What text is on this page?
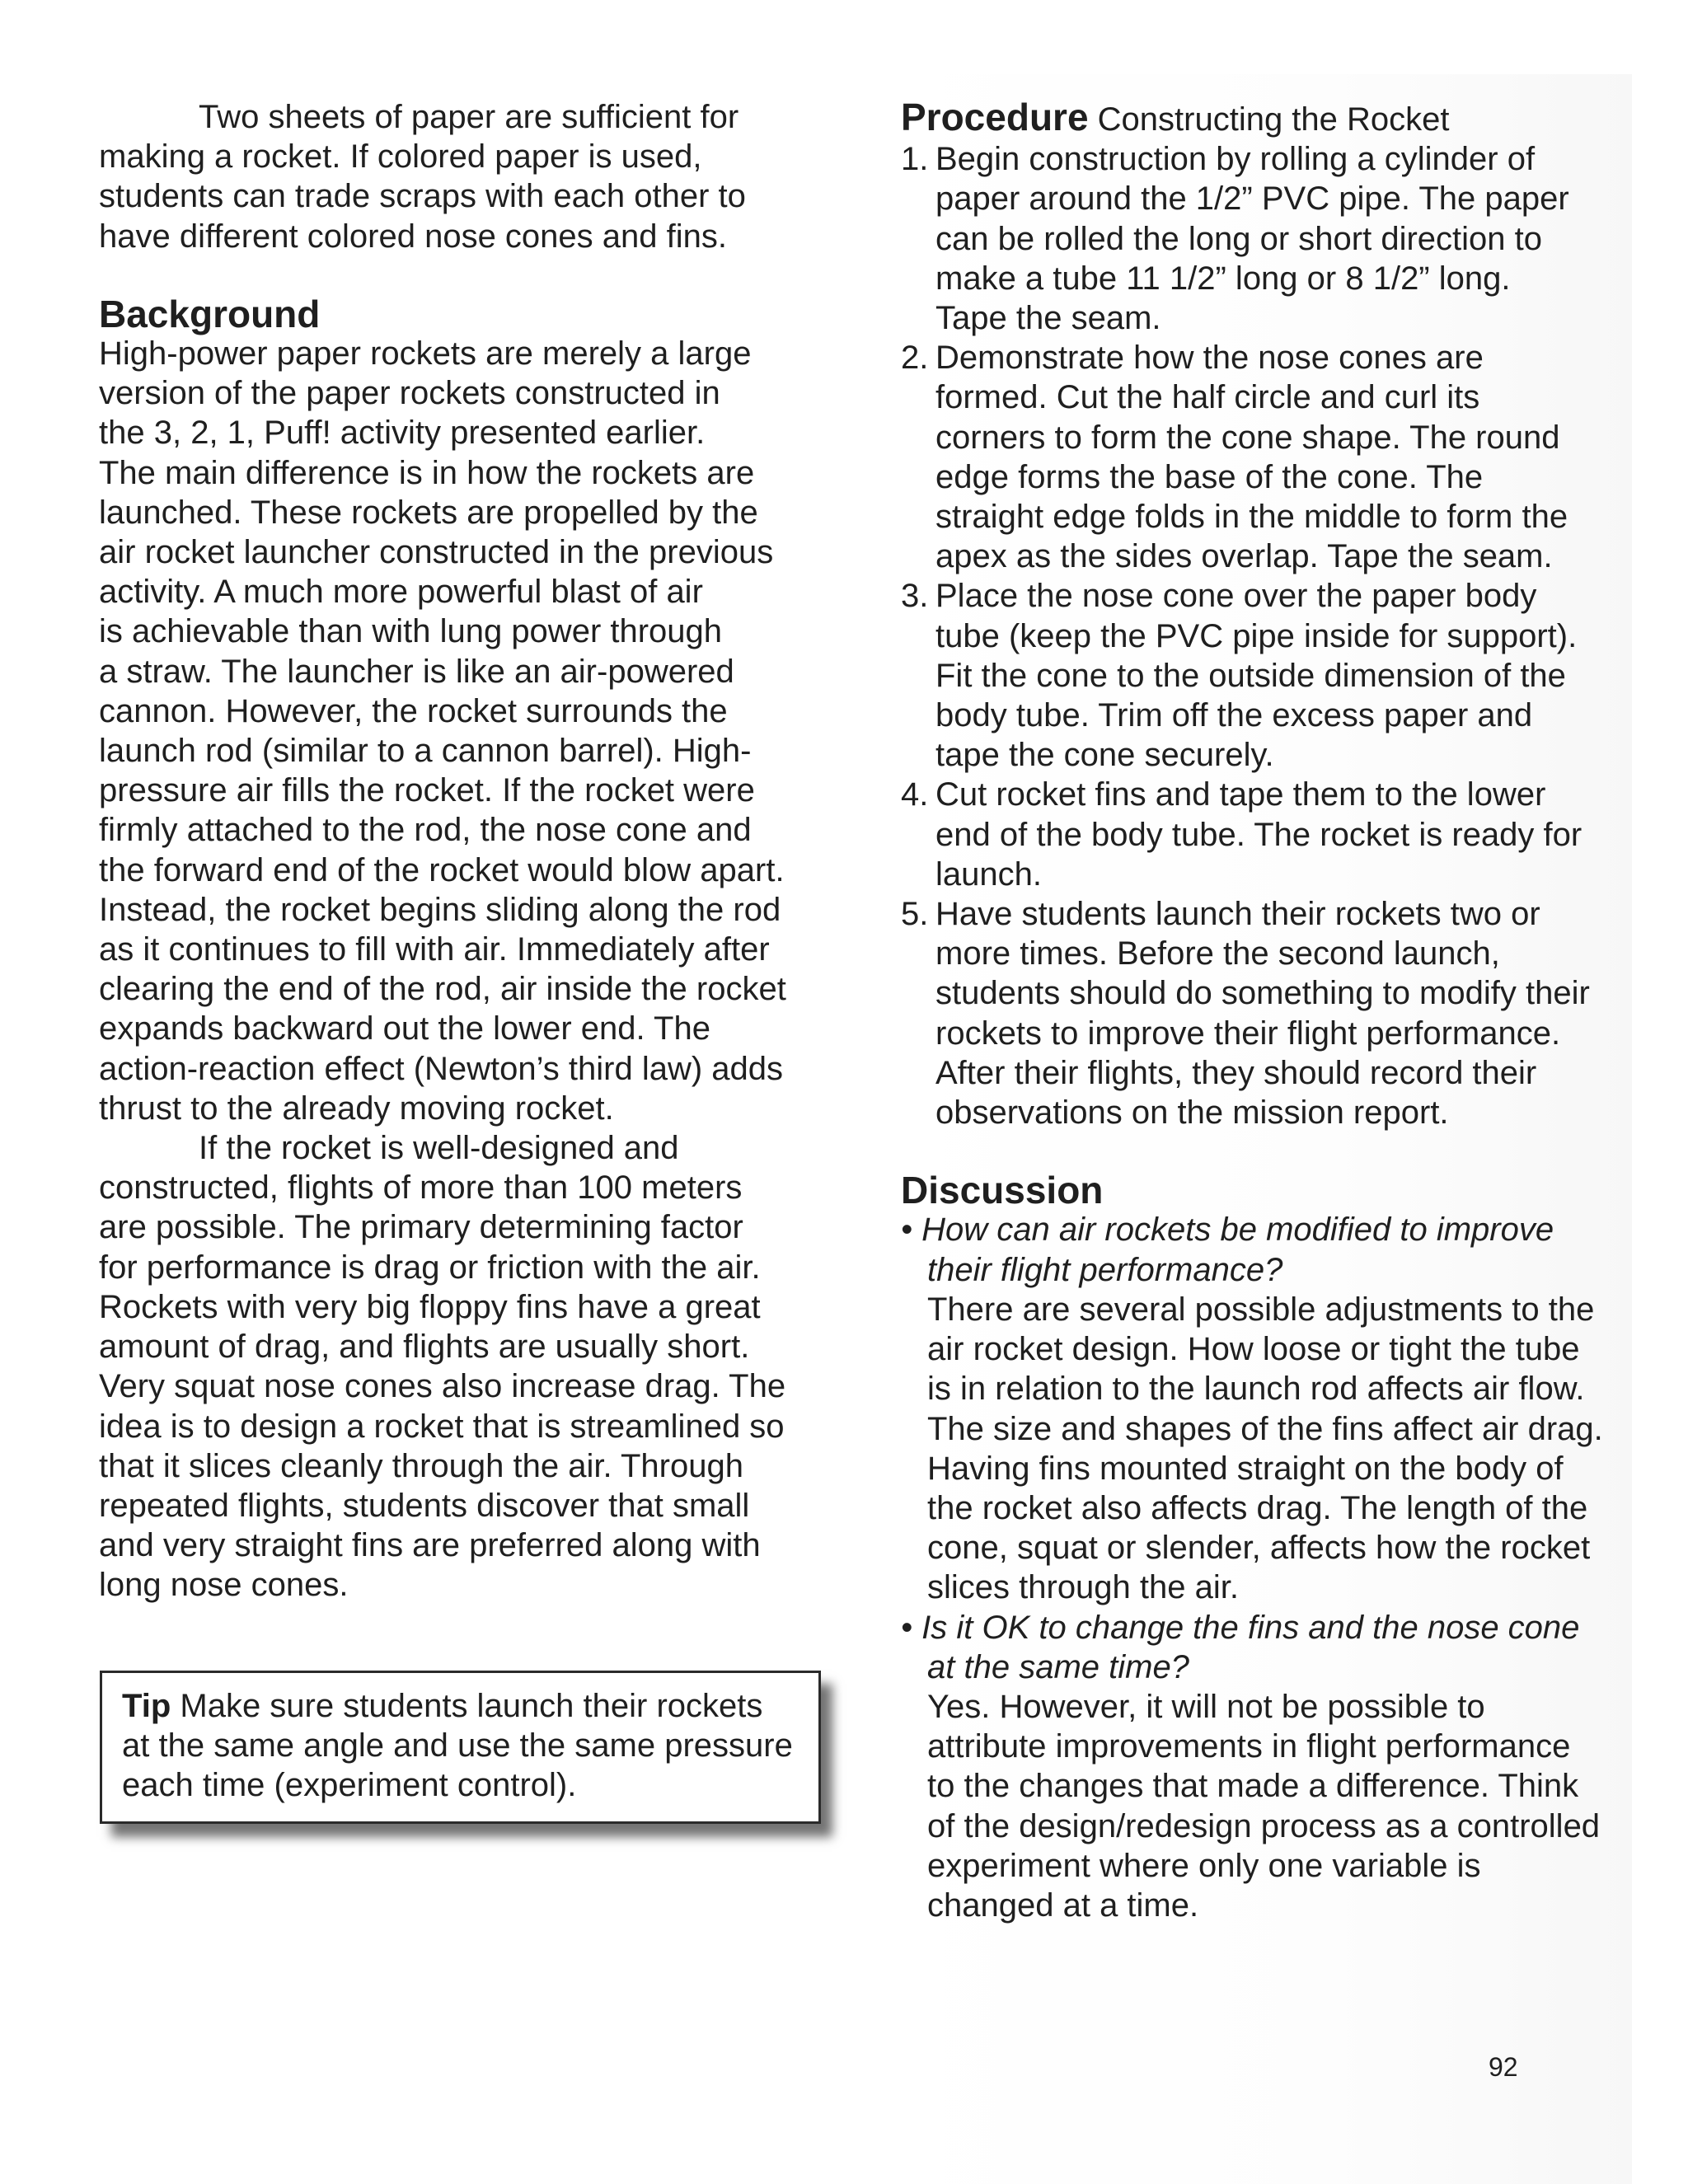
Two sheets of paper are sufficient for
making a rocket. If colored paper is used,
students can trade scraps with each other to
have different colored nose cones and fins.
Background
High-power paper rockets are merely a large
version of the paper rockets constructed in
the 3, 2, 1, Puff! activity presented earlier.
The main difference is in how the rockets are
launched. These rockets are propelled by the
air rocket launcher constructed in the previous
activity. A much more powerful blast of air
is achievable than with lung power through
a straw. The launcher is like an air-powered
cannon. However, the rocket surrounds the
launch rod (similar to a cannon barrel). High-
pressure air fills the rocket. If the rocket were
firmly attached to the rod, the nose cone and
the forward end of the rocket would blow apart.
Instead, the rocket begins sliding along the rod
as it continues to fill with air. Immediately after
clearing the end of the rod, air inside the rocket
expands backward out the lower end. The
action-reaction effect (Newton’s third law) adds
thrust to the already moving rocket.
If the rocket is well-designed and
constructed, flights of more than 100 meters
are possible. The primary determining factor
for performance is drag or friction with the air.
Rockets with very big floppy fins have a great
amount of drag, and flights are usually short.
Very squat nose cones also increase drag. The
idea is to design a rocket that is streamlined so
that it slices cleanly through the air. Through
repeated flights, students discover that small
and very straight fins are preferred along with
long nose cones.
Tip Make sure students launch their rockets
at the same angle and use the same pressure
each time (experiment control).
Procedure Constructing the Rocket
1. Begin construction by rolling a cylinder of
paper around the 1/2” PVC pipe. The paper
can be rolled the long or short direction to
make a tube 11 1/2” long or 8 1/2” long.
Tape the seam.
2. Demonstrate how the nose cones are
formed. Cut the half circle and curl its
corners to form the cone shape. The round
edge forms the base of the cone. The
straight edge folds in the middle to form the
apex as the sides overlap. Tape the seam.
3. Place the nose cone over the paper body
tube (keep the PVC pipe inside for support).
Fit the cone to the outside dimension of the
body tube. Trim off the excess paper and
tape the cone securely.
4. Cut rocket fins and tape them to the lower
end of the body tube. The rocket is ready for
launch.
5. Have students launch their rockets two or
more times. Before the second launch,
students should do something to modify their
rockets to improve their flight performance.
After their flights, they should record their
observations on the mission report.
Discussion
• How can air rockets be modified to improve
their flight performance?
There are several possible adjustments to the
air rocket design. How loose or tight the tube
is in relation to the launch rod affects air flow.
The size and shapes of the fins affect air drag.
Having fins mounted straight on the body of
the rocket also affects drag. The length of the
cone, squat or slender, affects how the rocket
slices through the air.
• Is it OK to change the fins and the nose cone
at the same time?
Yes. However, it will not be possible to
attribute improvements in flight performance
to the changes that made a difference. Think
of the design/redesign process as a controlled
experiment where only one variable is
changed at a time.
92
